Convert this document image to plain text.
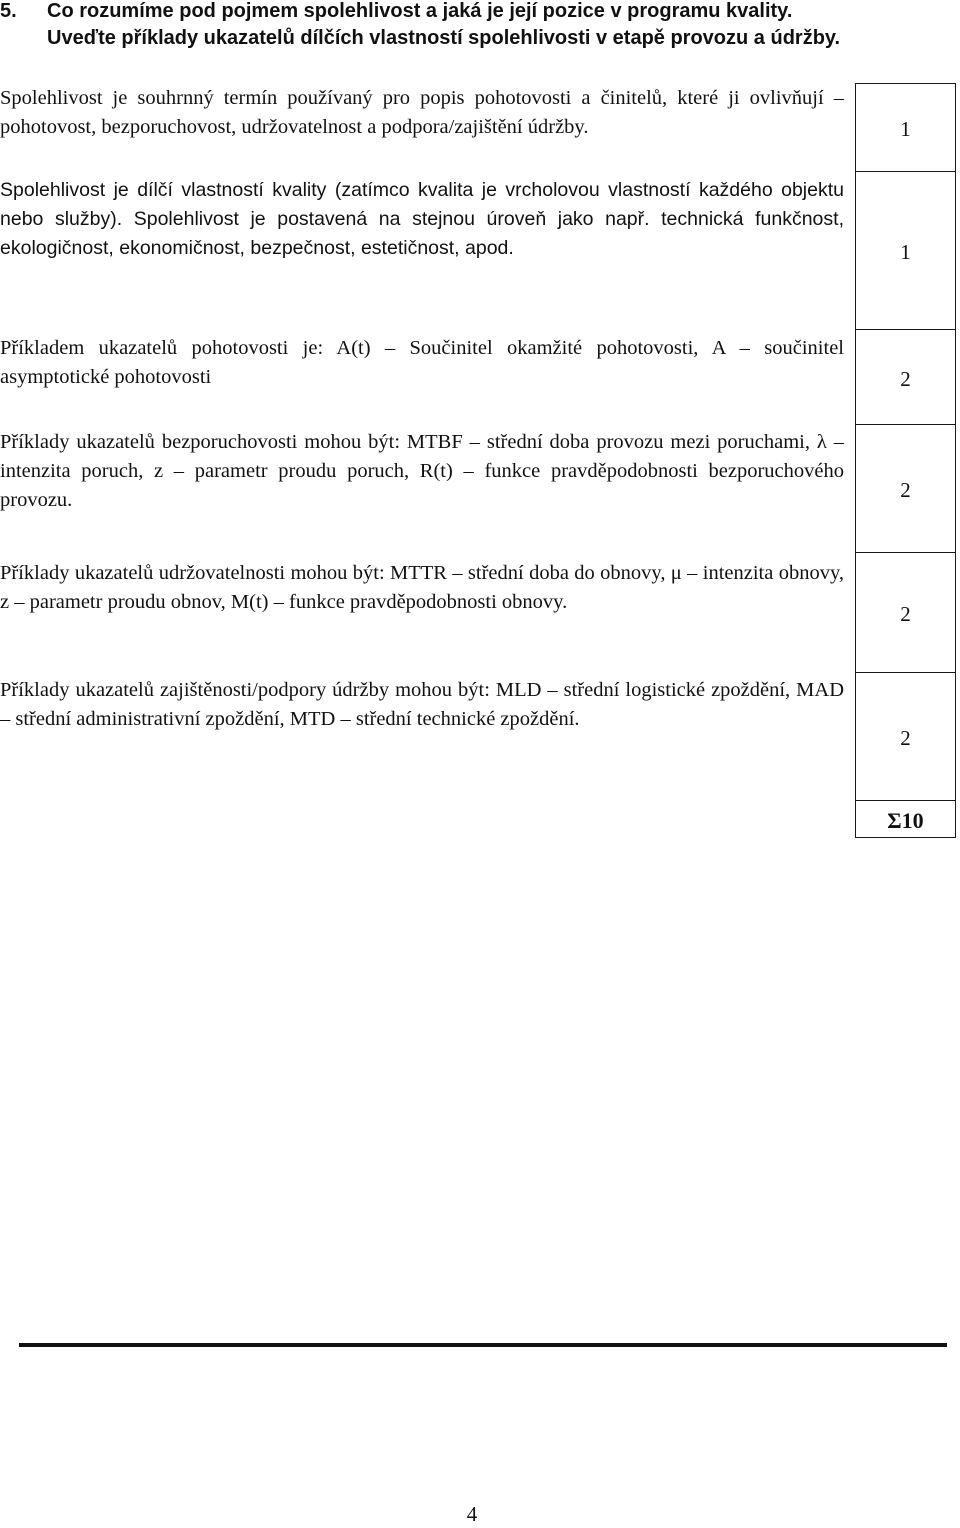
5.	Co rozumíme pod pojmem spolehlivost a jaká je její pozice v programu kvality.
Uveďte příklady ukazatelů dílčích vlastností spolehlivosti v etapě provozu a údržby.
Spolehlivost je souhrnný termín používaný pro popis pohotovosti a činitelů, které ji ovlivňují – pohotovost, bezporuchovost, udržovatelnost a podpora/zajištění údržby.
Spolehlivost je dílčí vlastností kvality (zatímco kvalita je vrcholovou vlastností každého objektu nebo služby). Spolehlivost je postavená na stejnou úroveň jako např. technická funkčnost, ekologičnost, ekonomičnost, bezpečnost, estetičnost, apod.
Příkladem ukazatelů pohotovosti je: A(t) – Součinitel okamžité pohotovosti, A – součinitel asymptotické pohotovosti
Příklady ukazatelů bezporuchovosti mohou být: MTBF – střední doba provozu mezi poruchami, λ – intenzita poruch, z – parametr proudu poruch, R(t) – funkce pravděpodobnosti bezporuchového provozu.
Příklady ukazatelů udržovatelnosti mohou být: MTTR – střední doba do obnovy, μ – intenzita obnovy, z – parametr proudu obnov, M(t) – funkce pravděpodobnosti obnovy.
Příklady ukazatelů zajištěnosti/podpory údržby mohou být: MLD – střední logistické zpoždění, MAD – střední administrativní zpoždění, MTD – střední technické zpoždění.
1
1
2
2
2
2
Σ10
4
